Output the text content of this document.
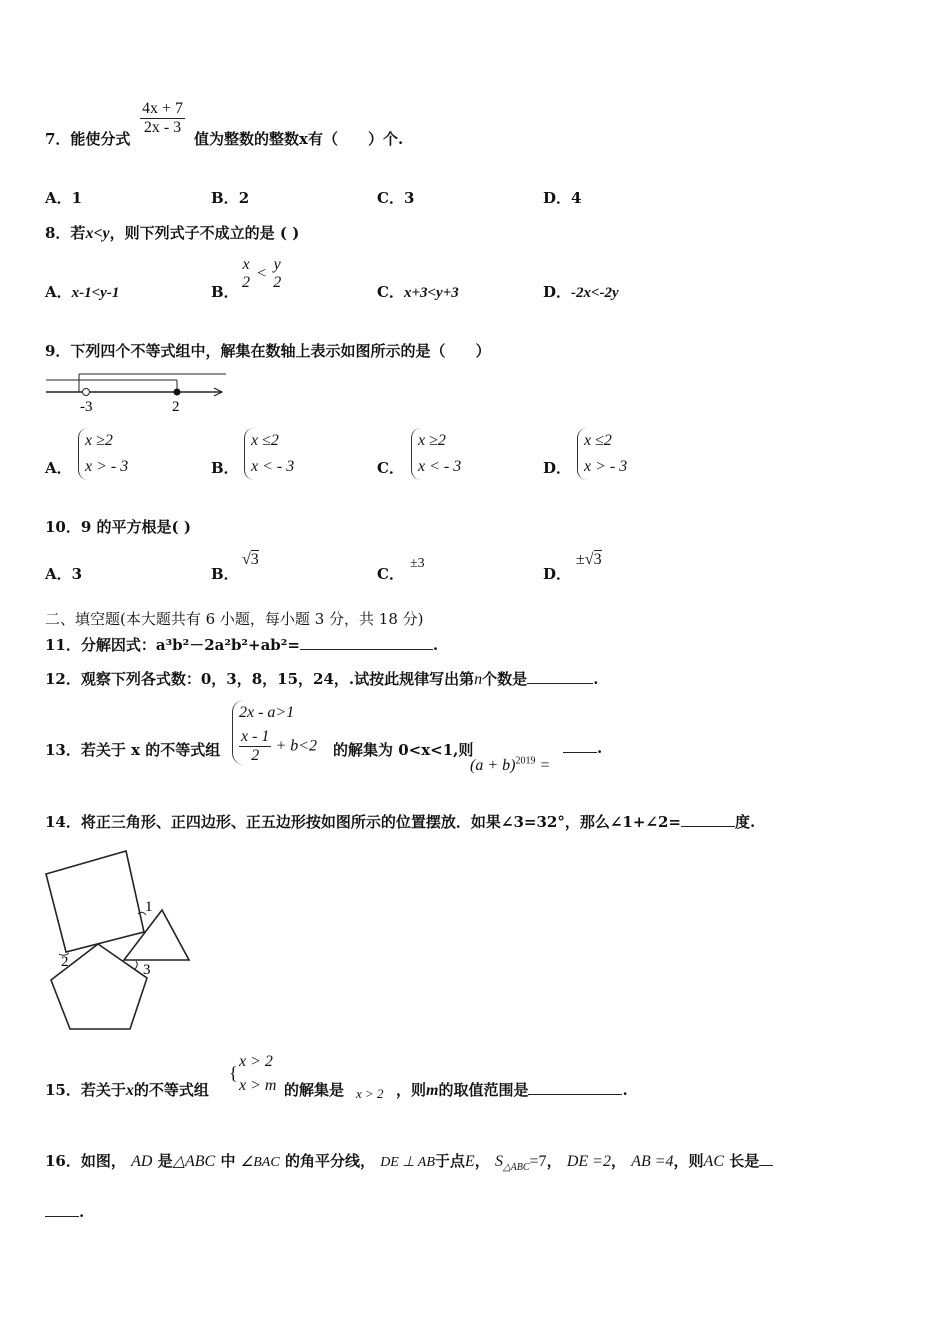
7．能使分式
$\frac{4x + 7}{2x - 3}$
值为整数的整数x有（　　）个.
A．1	B．2	C．3	D．4
8．若x<y，则下列式子不成立的是 ( )
A．x-1<y-1	B．
x
2
<
y
2
C．x+3<y+3	D．-2x<-2y
9．下列四个不等式组中，解集在数轴上表示如图所示的是（　　）
-3	2
A．
x ≥2
x > - 3	B．
x ≤2
x < - 3	C．
x ≥2
x < - 3	D．
x ≤2
x > - 3
10．9 的平方根是( )
A．3	B．
√3
C．
±3
D．
±√3
二、填空题(本大题共有 6 小题，每小题 3 分，共 18 分)
11．分解因式：a³b²－2a²b²+ab²=	.
12．观察下列各式数：0，3，8，15，24，.试按此规律写出第n个数是	.
13．若关于 x 的不等式组
2x - a>1
$\frac{x - 1}{2} + b<2$ 的解集为 0<x<1,则
$(a + b)^{2019}$ =
.
14．将正三角形、正四边形、正五边形按如图所示的位置摆放．如果∠3=32°，那么∠1+∠2=	度.
1
2	3
15．若关于x的不等式组
{
x > 2
x > m 的解集是 x > 2 ，则m的取值范围是	.
16．如图， AD 是△ABC 中 ∠BAC 的角平分线， DE ⊥ AB于点E， $S_{\triangle ABC}=7$， DE =2， AB =4，则AC 长是
.
